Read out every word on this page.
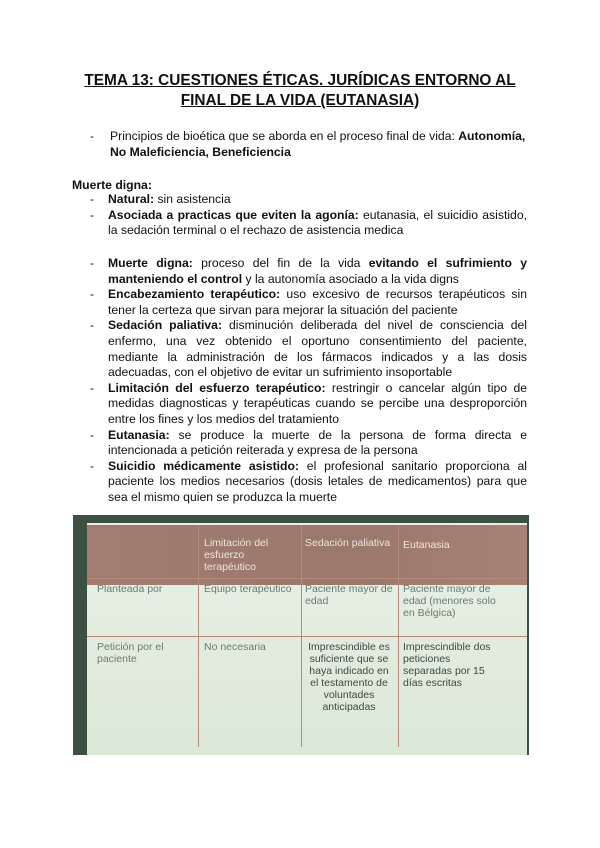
TEMA 13: CUESTIONES ÉTICAS. JURÍDICAS ENTORNO AL
FINAL DE LA VIDA (EUTANASIA)
- Principios de bioética que se aborda en el proceso final de vida: Autonomía, No Maleficiencia, Beneficiencia
Muerte digna:
- Natural: sin asistencia
- Asociada a practicas que eviten la agonía: eutanasia, el suicidio asistido, la sedación terminal o el rechazo de asistencia medica
- Muerte digna: proceso del fin de la vida evitando el sufrimiento y manteniendo el control y la autonomía asociado a la vida digns
- Encabezamiento terapéutico: uso excesivo de recursos terapéuticos sin tener la certeza que sirvan para mejorar la situación del paciente
- Sedación paliativa: disminución deliberada del nivel de consciencia del enfermo, una vez obtenido el oportuno consentimiento del paciente, mediante la administración de los fármacos indicados y a las dosis adecuadas, con el objetivo de evitar un sufrimiento insoportable
- Limitación del esfuerzo terapéutico: restringir o cancelar algún tipo de medidas diagnosticas y terapéuticas cuando se percibe una desproporción entre los fines y los medios del tratamiento
- Eutanasia: se produce la muerte de la persona de forma directa e intencionada a petición reiterada y expresa de la persona
- Suicidio médicamente asistido: el profesional sanitario proporciona al paciente los medios necesarios (dosis letales de medicamentos) para que sea el mismo quien se produzca la muerte
Limitación del esfuerzo terapéutico
Sedación paliativa Eutanasia
Planteada por	Equipo terapéutico Paciente mayor de edad
Paciente mayor de edad (menores solo en Bélgica)
Petición por el paciente
No necesaria	Imprescindible es suficiente que se haya indicado en el testamento de voluntades anticipadas
Imprescindible dos peticiones separadas por 15 días escritas
